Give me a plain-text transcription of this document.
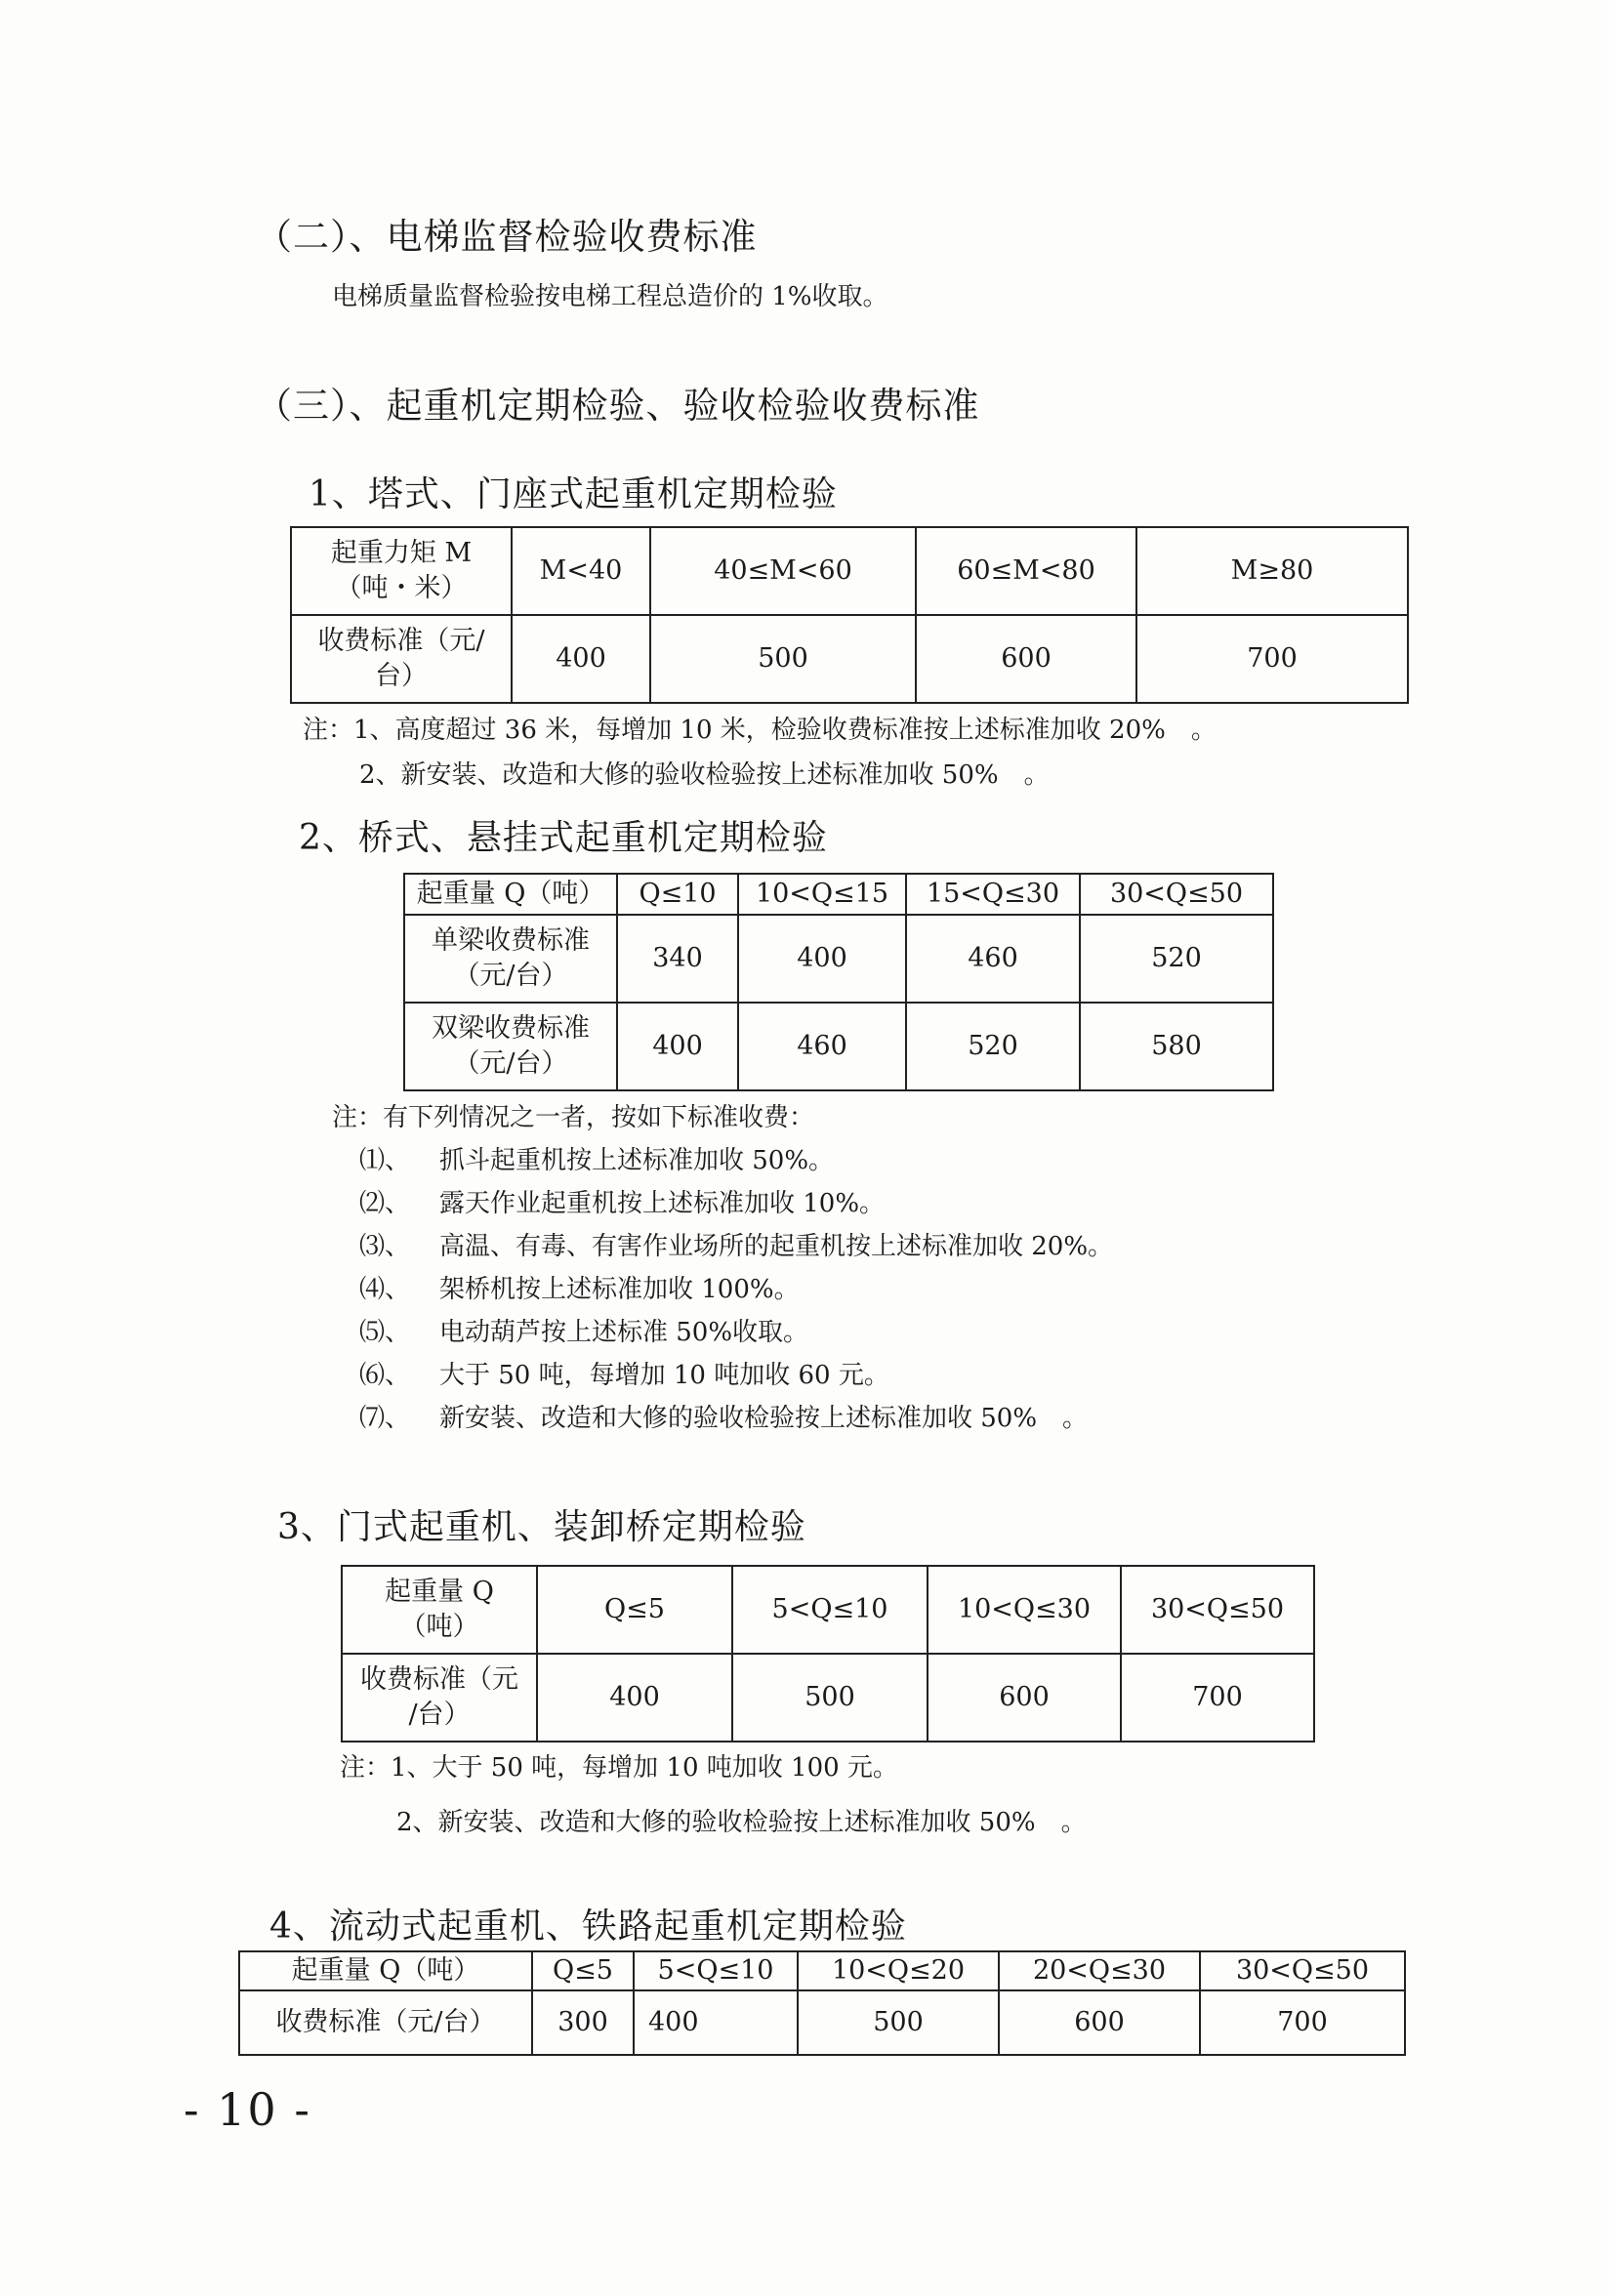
（二）、电梯监督检验收费标准
电梯质量监督检验按电梯工程总造价的 1%收取。
（三）、起重机定期检验、验收检验收费标准
1、塔式、门座式起重机定期检验
起重力矩 M
（吨・米）	M<40	40≤M<60	60≤M<80	M≥80
收费标准（元/
台）	400	500	600	700
注：1、高度超过 36 米，每增加 10 米，检验收费标准按上述标准加收 20%　。
2、新安装、改造和大修的验收检验按上述标准加收 50%　。
2、桥式、悬挂式起重机定期检验
起重量 Q（吨）	Q≤10	10<Q≤15	15<Q≤30	30<Q≤50
单梁收费标准
（元/台）	340	400	460	520
双梁收费标准
（元/台）	400	460	520	580
注：有下列情况之一者，按如下标准收费：
⑴、 抓斗起重机按上述标准加收 50%。
⑵、 露天作业起重机按上述标准加收 10%。
⑶、 高温、有毒、有害作业场所的起重机按上述标准加收 20%。
⑷、 架桥机按上述标准加收 100%。
⑸、 电动葫芦按上述标准 50%收取。
⑹、 大于 50 吨，每增加 10 吨加收 60 元。
⑺、 新安装、改造和大修的验收检验按上述标准加收 50%　。
3、门式起重机、装卸桥定期检验
起重量 Q
（吨）	Q≤5	5<Q≤10	10<Q≤30	30<Q≤50
收费标准（元
/台）	400	500	600	700
注：1、大于 50 吨，每增加 10 吨加收 100 元。
2、新安装、改造和大修的验收检验按上述标准加收 50%　。
4、流动式起重机、铁路起重机定期检验
起重量 Q（吨）	Q≤5	5<Q≤10	10<Q≤20	20<Q≤30	30<Q≤50
收费标准（元/台）	300	400	500	600	700
- 10 -
